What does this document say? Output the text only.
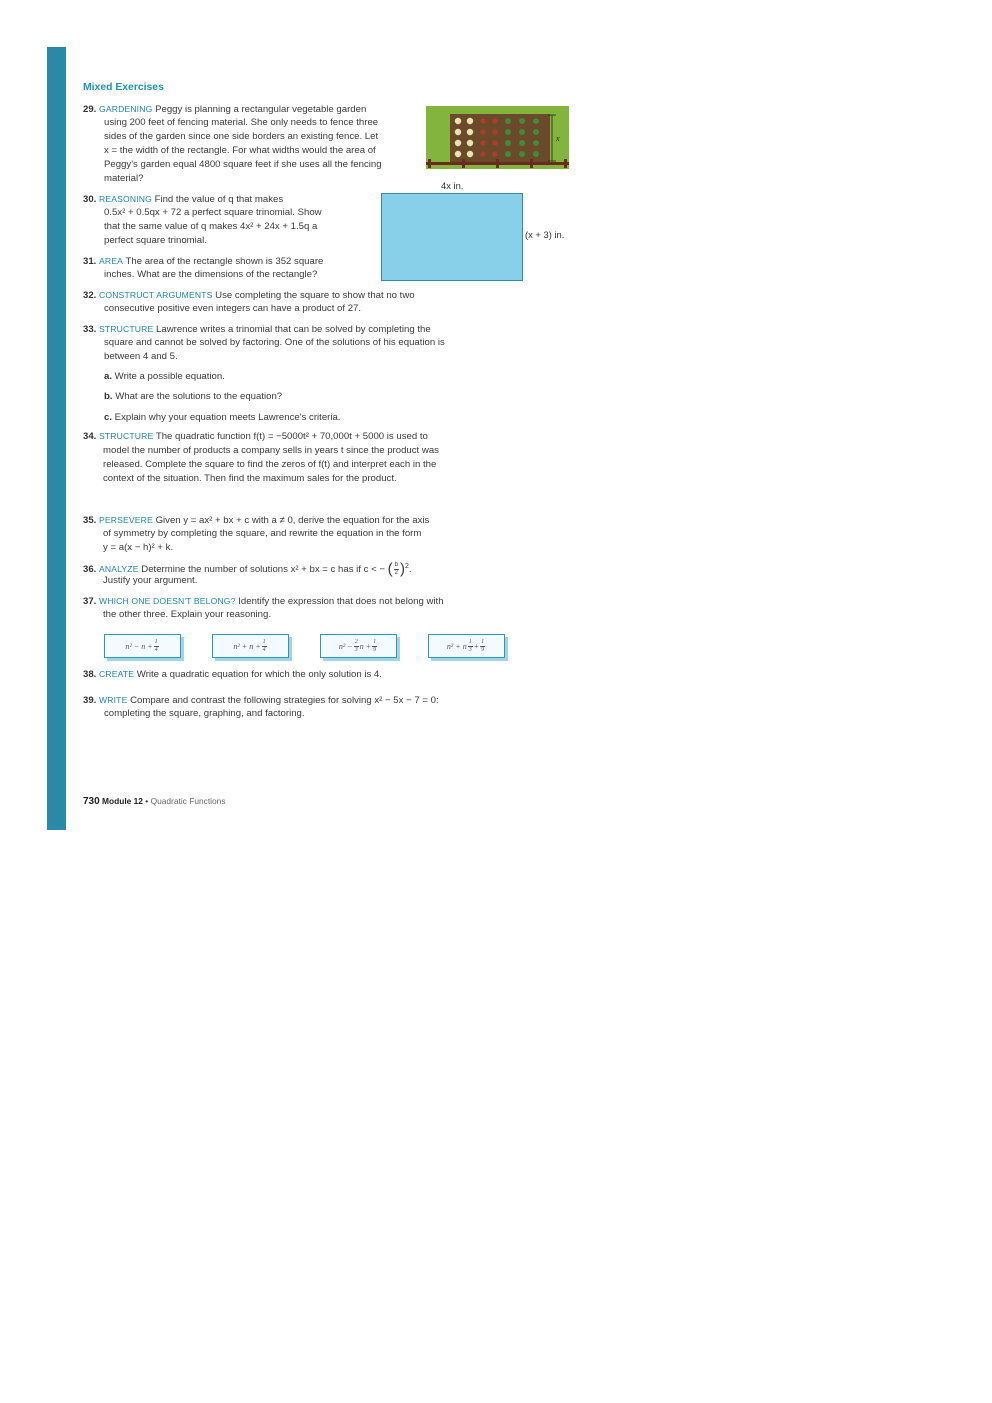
Mixed Exercises
x
4x in.
(x + 3) in.
29. GARDENING Peggy is planning a rectangular vegetable garden
using 200 feet of fencing material. She only needs to fence three
sides of the garden since one side borders an existing fence. Let
x = the width of the rectangle. For what widths would the area of
Peggy's garden equal 4800 square feet if she uses all the fencing
material?
30. REASONING Find the value of q that makes
0.5x² + 0.5qx + 72 a perfect square trinomial. Show
that the same value of q makes 4x² + 24x + 1.5q a
perfect square trinomial.
31. AREA The area of the rectangle shown is 352 square
inches. What are the dimensions of the rectangle?
32. CONSTRUCT ARGUMENTS Use completing the square to show that no two
consecutive positive even integers can have a product of 27.
33. STRUCTURE Lawrence writes a trinomial that can be solved by completing the
square and cannot be solved by factoring. One of the solutions of his equation is
between 4 and 5.
a. Write a possible equation.
b. What are the solutions to the equation?
c. Explain why your equation meets Lawrence's criteria.
34. STRUCTURE The quadratic function f(t) = −5000t² + 70,000t + 5000 is used to
model the number of products a company sells in years t since the product was
released. Complete the square to find the zeros of f(t) and interpret each in the
context of the situation. Then find the maximum sales for the product.
35. PERSEVERE Given y = ax² + bx + c with a ≠ 0, derive the equation for the axis
of symmetry by completing the square, and rewrite the equation in the form
y = a(x − h)² + k.
36. ANALYZE Determine the number of solutions x² + bx = c has if c < − ( $\frac{b}{2} )^2$.
Justify your argument.
37. WHICH ONE DOESN'T BELONG? Identify the expression that does not belong with
the other three. Explain your reasoning.
$n^2 - n + \frac{1}{4}$	$n^2 + n + \frac{1}{4}$	$n^2 - \frac{2}{3}$ $n + \frac{1}{9}$	n² + n $\frac{1}{3} + \frac{1}{9}$
38. CREATE Write a quadratic equation for which the only solution is 4.
39. WRITE Compare and contrast the following strategies for solving x² − 5x − 7 = 0:
completing the square, graphing, and factoring.
730 Module 12 • Quadratic Functions
